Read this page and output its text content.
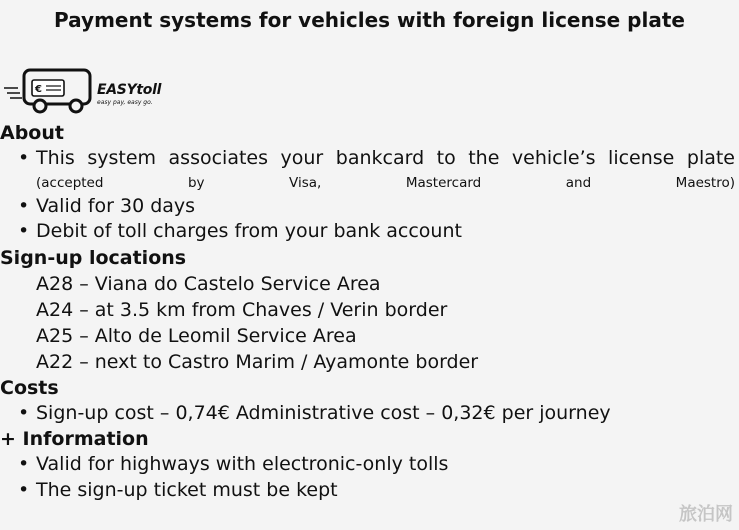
Payment systems for vehicles with foreign license plate
€	EASYtoll
easy pay, easy go.
About
• This system associates your bankcard to the vehicle’s license plate
(accepted by Visa, Mastercard and Maestro)
• Valid for 30 days
• Debit of toll charges from your bank account
Sign-up locations
A28 – Viana do Castelo Service Area
A24 – at 3.5 km from Chaves / Verin border
A25 – Alto de Leomil Service Area
A22 – next to Castro Marim / Ayamonte border
Costs
• Sign-up cost – 0,74€ Administrative cost – 0,32€ per journey
+ Information
• Valid for highways with electronic-only tolls
• The sign-up ticket must be kept
旅泊网
